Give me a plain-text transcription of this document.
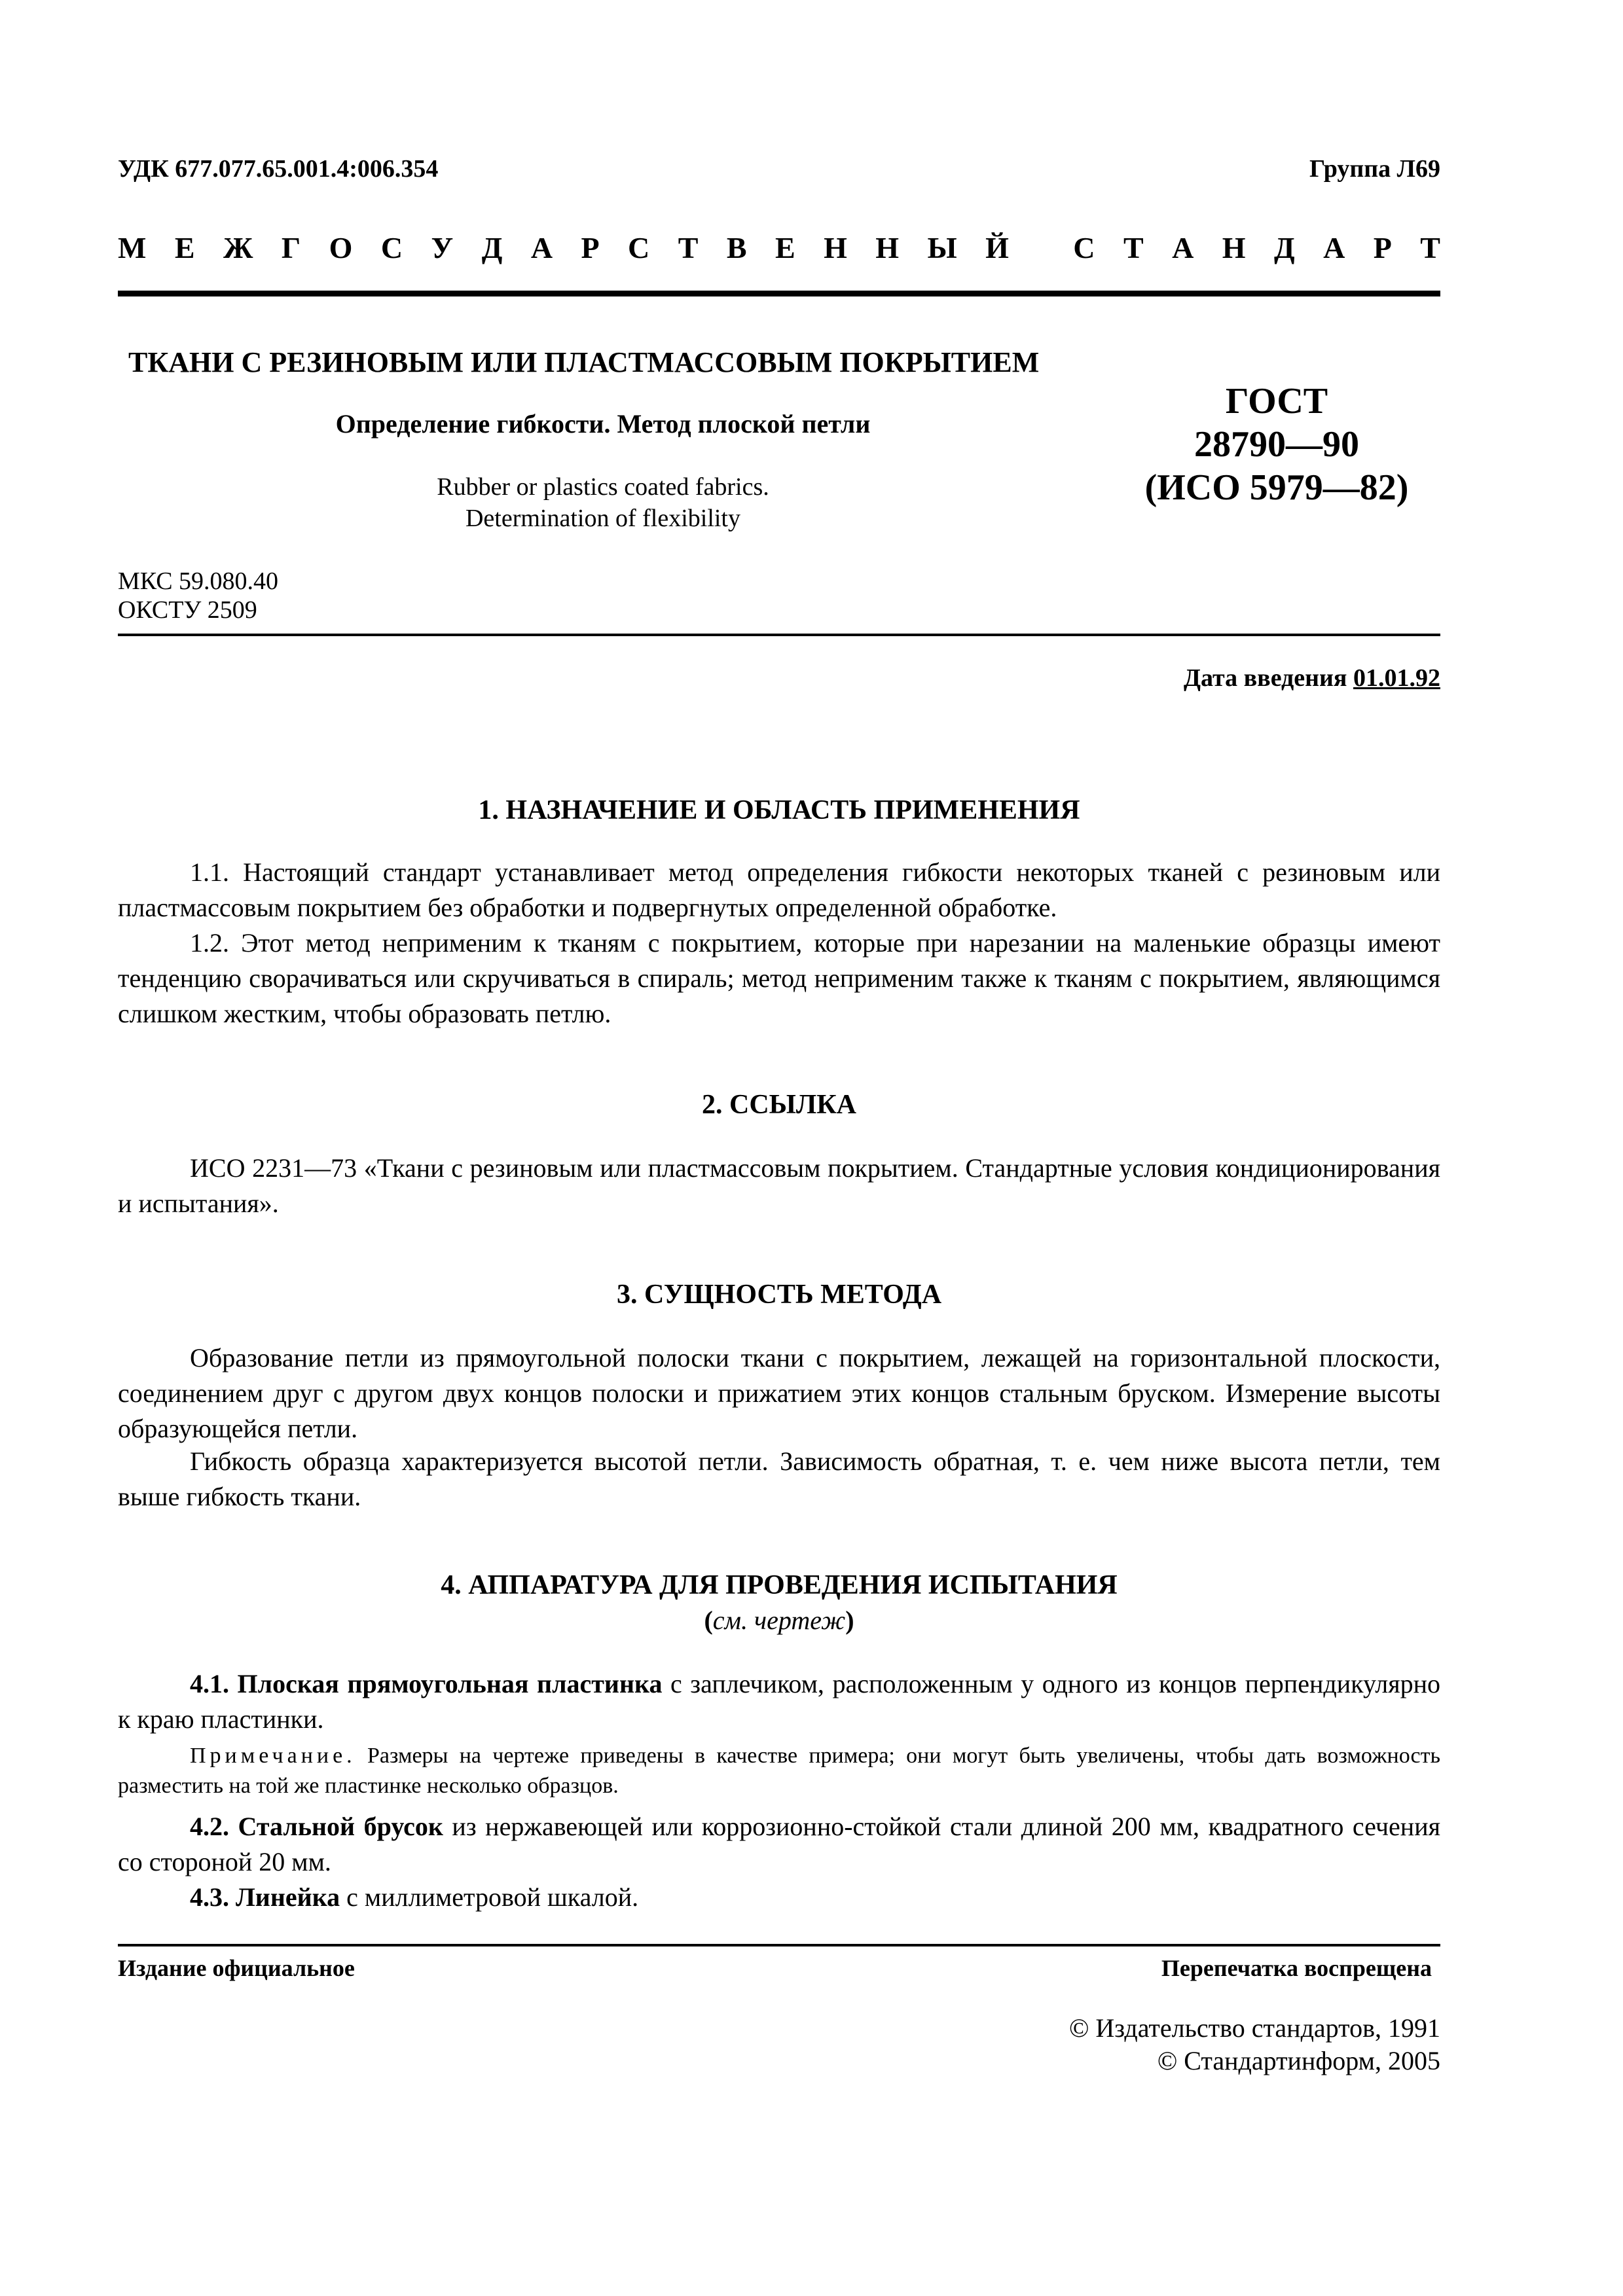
УДК 677.077.65.001.4:006.354	Группа Л69
М Е Ж Г О С У Д А Р С Т В Е Н Н Ы Й
С Т А Н Д А Р Т
ТКАНИ С РЕЗИНОВЫМ ИЛИ ПЛАСТМАССОВЫМ ПОКРЫТИЕМ
Определение гибкости. Метод плоской петли
Rubber or plastics coated fabrics.
Determination of flexibility
ГОСТ
28790—90
(ИСО 5979—82)
МКС 59.080.40
ОКСТУ 2509
Дата введения 01.01.92
1. НАЗНАЧЕНИЕ И ОБЛАСТЬ ПРИМЕНЕНИЯ
1.1. Настоящий стандарт устанавливает метод определения гибкости некоторых тканей с резиновым или пластмассовым покрытием без обработки и подвергнутых определенной обработке.
1.2. Этот метод неприменим к тканям с покрытием, которые при нарезании на маленькие образцы имеют тенденцию сворачиваться или скручиваться в спираль; метод неприменим также к тканям с покрытием, являющимся слишком жестким, чтобы образовать петлю.
2. ССЫЛКА
ИСО 2231—73 «Ткани с резиновым или пластмассовым покрытием. Стандартные условия кондиционирования и испытания».
3. СУЩНОСТЬ МЕТОДА
Образование петли из прямоугольной полоски ткани с покрытием, лежащей на горизонтальной плоскости, соединением друг с другом двух концов полоски и прижатием этих концов стальным бруском. Измерение высоты образующейся петли.
Гибкость образца характеризуется высотой петли. Зависимость обратная, т. е. чем ниже высота петли, тем выше гибкость ткани.
4. АППАРАТУРА ДЛЯ ПРОВЕДЕНИЯ ИСПЫТАНИЯ
(см. чертеж)
4.1. Плоская прямоугольная пластинка с заплечиком, расположенным у одного из концов перпендикулярно к краю пластинки.
Примечание. Размеры на чертеже приведены в качестве примера; они могут быть увеличены, чтобы дать возможность разместить на той же пластинке несколько образцов.
4.2. Стальной брусок из нержавеющей или коррозионно-стойкой стали длиной 200 мм, квадратного сечения со стороной 20 мм.
4.3. Линейка с миллиметровой шкалой.
Издание официальное	Перепечатка воспрещена
© Издательство стандартов, 1991
© Стандартинформ, 2005
